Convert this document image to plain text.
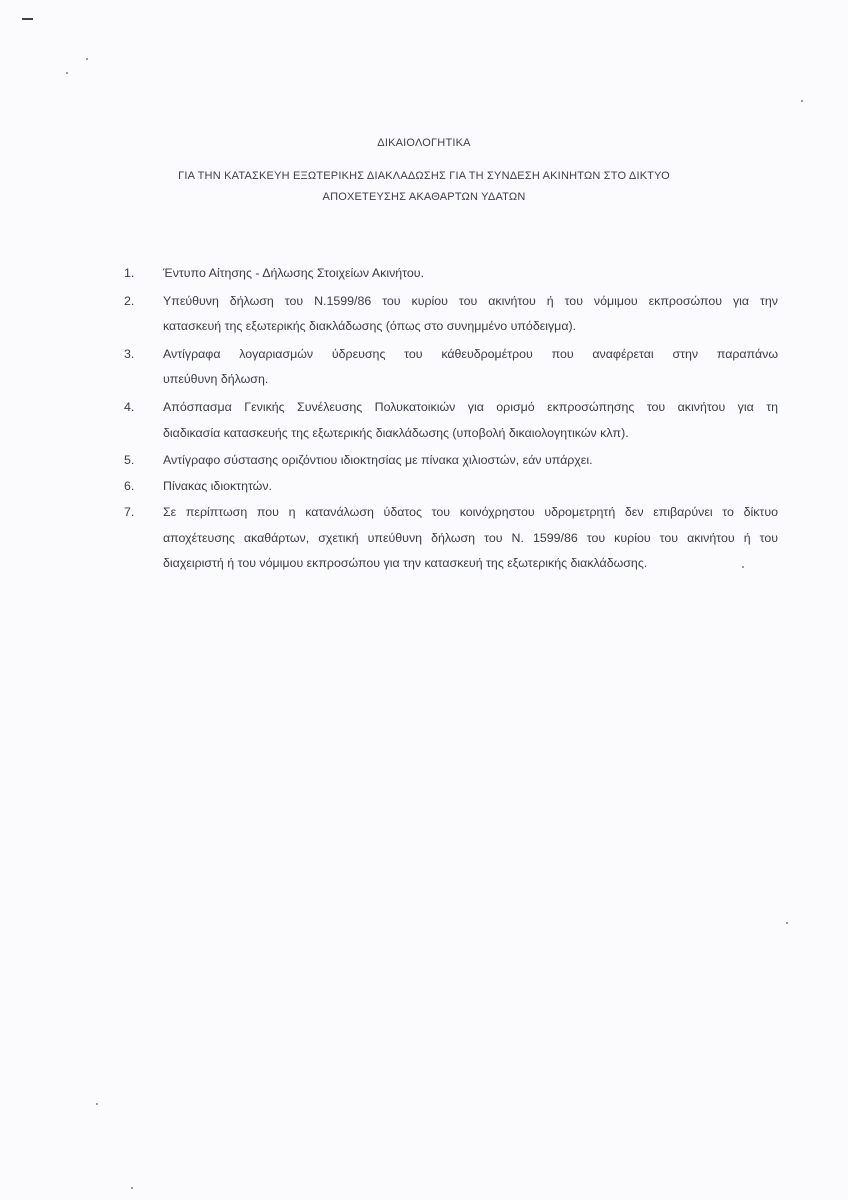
ΔΙΚΑΙΟΛΟΓΗΤΙΚΑ
ΓΙΑ ΤΗΝ ΚΑΤΑΣΚΕΥΗ ΕΞΩΤΕΡΙΚΗΣ ΔΙΑΚΛΑΔΩΣΗΣ ΓΙΑ ΤΗ ΣΥΝΔΕΣΗ ΑΚΙΝΗΤΩΝ ΣΤΟ ΔΙΚΤΥΟ
ΑΠΟΧΕΤΕΥΣΗΣ ΑΚΑΘΑΡΤΩΝ ΥΔΑΤΩΝ
1.	Έντυπο Αίτησης - Δήλωσης Στοιχείων Ακινήτου.
2.	Υπεύθυνη δήλωση του Ν.1599/86 του κυρίου του ακινήτου ή του νόμιμου εκπροσώπου για την
κατασκευή της εξωτερικής διακλάδωσης (όπως στο συνημμένο υπόδειγμα).
3.	Αντίγραφα λογαριασμών ύδρευσης του κάθευδρομέτρου που αναφέρεται στην παραπάνω
υπεύθυνη δήλωση.
4.	Απόσπασμα Γενικής Συνέλευσης Πολυκατοικιών για ορισμό εκπροσώπησης του ακινήτου για τη
διαδικασία κατασκευής της εξωτερικής διακλάδωσης (υποβολή δικαιολογητικών κλπ).
5.	Αντίγραφο σύστασης οριζόντιου ιδιοκτησίας με πίνακα χιλιοστών, εάν υπάρχει.
6.	Πίνακας ιδιοκτητών.
7.	Σε περίπτωση που η κατανάλωση ύδατος του κοινόχρηστου υδρομετρητή δεν επιβαρύνει το δίκτυο
αποχέτευσης ακαθάρτων, σχετική υπεύθυνη δήλωση του Ν. 1599/86 του κυρίου του ακινήτου ή του
διαχειριστή ή του νόμιμου εκπροσώπου για την κατασκευή της εξωτερικής διακλάδωσης.
